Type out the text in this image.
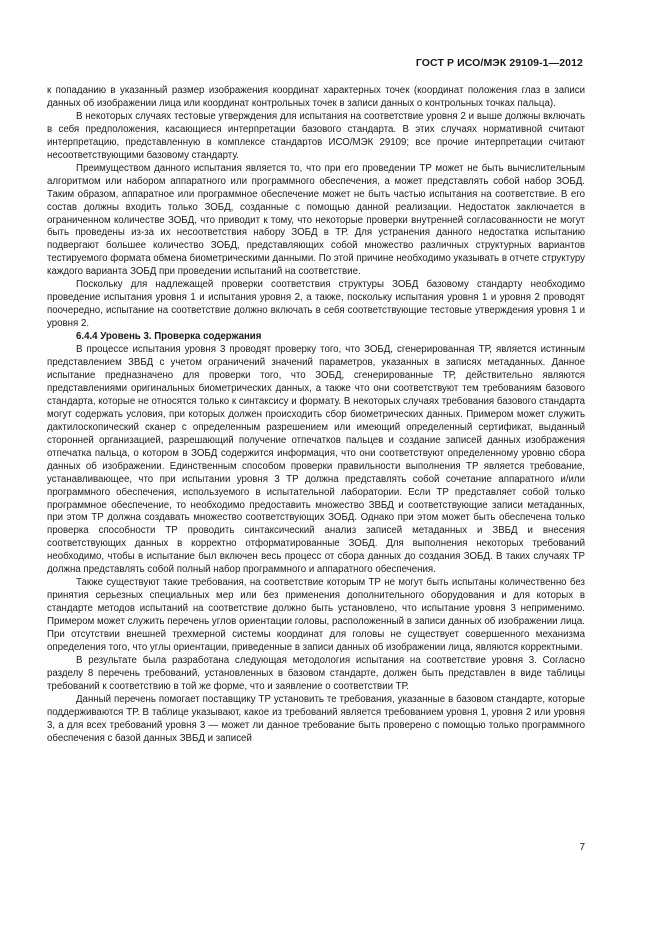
ГОСТ Р ИСО/МЭК 29109-1—2012

к попаданию в указанный размер изображения координат характерных точек (координат положения глаз в записи данных об изображении лица или координат контрольных точек в записи данных о контрольных точках пальца).

В некоторых случаях тестовые утверждения для испытания на соответствие уровня 2 и выше должны включать в себя предположения, касающиеся интерпретации базового стандарта. В этих случаях нормативной считают интерпретацию, представленную в комплексе стандартов ИСО/МЭК 29109; все прочие интерпретации считают несоответствующими базовому стандарту.

Преимуществом данного испытания является то, что при его проведении ТР может не быть вычислительным алгоритмом или набором аппаратного или программного обеспечения, а может представлять собой набор ЗОБД. Таким образом, аппаратное или программное обеспечение может не быть частью испытания на соответствие. В его состав должны входить только ЗОБД, созданные с помощью данной реализации. Недостаток заключается в ограниченном количестве ЗОБД, что приводит к тому, что некоторые проверки внутренней согласованности не могут быть проведены из-за их несоответствия набору ЗОБД в ТР. Для устранения данного недостатка испытанию подвергают большее количество ЗОБД, представляющих собой множество различных структурных вариантов тестируемого формата обмена биометрическими данными. По этой причине необходимо указывать в отчете структуру каждого варианта ЗОБД при проведении испытаний на соответствие.

Поскольку для надлежащей проверки соответствия структуры ЗОБД базовому стандарту необходимо проведение испытания уровня 1 и испытания уровня 2, а также, поскольку испытания уровня 1 и уровня 2 проводят поочередно, испытание на соответствие должно включать в себя соответствующие тестовые утверждения уровня 1 и уровня 2.

6.4.4 Уровень 3. Проверка содержания

В процессе испытания уровня 3 проводят проверку того, что ЗОБД, сгенерированная ТР, является истинным представлением ЗВБД с учетом ограничений значений параметров, указанных в записях метаданных. Данное испытание предназначено для проверки того, что ЗОБД, сгенерированные ТР, действительно являются представлениями оригинальных биометрических данных, а также что они соответствуют тем требованиям базового стандарта, которые не относятся только к синтаксису и формату. В некоторых случаях требования базового стандарта могут содержать условия, при которых должен происходить сбор биометрических данных. Примером может служить дактилоскопический сканер с определенным разрешением или имеющий определенный сертификат, выданный сторонней организацией, разрешающий получение отпечатков пальцев и создание записей данных изображения отпечатка пальца, о котором в ЗОБД содержится информация, что они соответствуют определенному уровню сбора данных об изображении. Единственным способом проверки правильности выполнения ТР является требование, устанавливающее, что при испытании уровня 3 ТР должна представлять собой сочетание аппаратного и/или программного обеспечения, используемого в испытательной лаборатории. Если ТР представляет собой только программное обеспечение, то необходимо предоставить множество ЗВБД и соответствующие записи метаданных, при этом ТР должна создавать множество соответствующих ЗОБД. Однако при этом может быть обеспечена только проверка способности ТР проводить синтаксический анализ записей метаданных и ЗВБД и внесения соответствующих данных в корректно отформатированные ЗОБД. Для выполнения некоторых требований необходимо, чтобы в испытание был включен весь процесс от сбора данных до создания ЗОБД. В таких случаях ТР должна представлять собой полный набор программного и аппаратного обеспечения.

Также существуют такие требования, на соответствие которым ТР не могут быть испытаны количественно без принятия серьезных специальных мер или без применения дополнительного оборудования и для которых в стандарте методов испытаний на соответствие должно быть установлено, что испытание уровня 3 неприменимо. Примером может служить перечень углов ориентации головы, расположенный в записи данных об изображении лица. При отсутствии внешней трехмерной системы координат для головы не существует совершенного механизма определения того, что углы ориентации, приведенные в записи данных об изображении лица, являются корректными.

В результате была разработана следующая методология испытания на соответствие уровня 3. Согласно разделу 8 перечень требований, установленных в базовом стандарте, должен быть представлен в виде таблицы требований к соответствию в той же форме, что и заявление о соответствии ТР.

Данный перечень помогает поставщику ТР установить те требования, указанные в базовом стандарте, которые поддерживаются ТР. В таблице указывают, какое из требований является требованием уровня 1, уровня 2 или уровня 3, а для всех требований уровня 3 — может ли данное требование быть проверено с помощью только программного обеспечения с базой данных ЗВБД и записей

7
